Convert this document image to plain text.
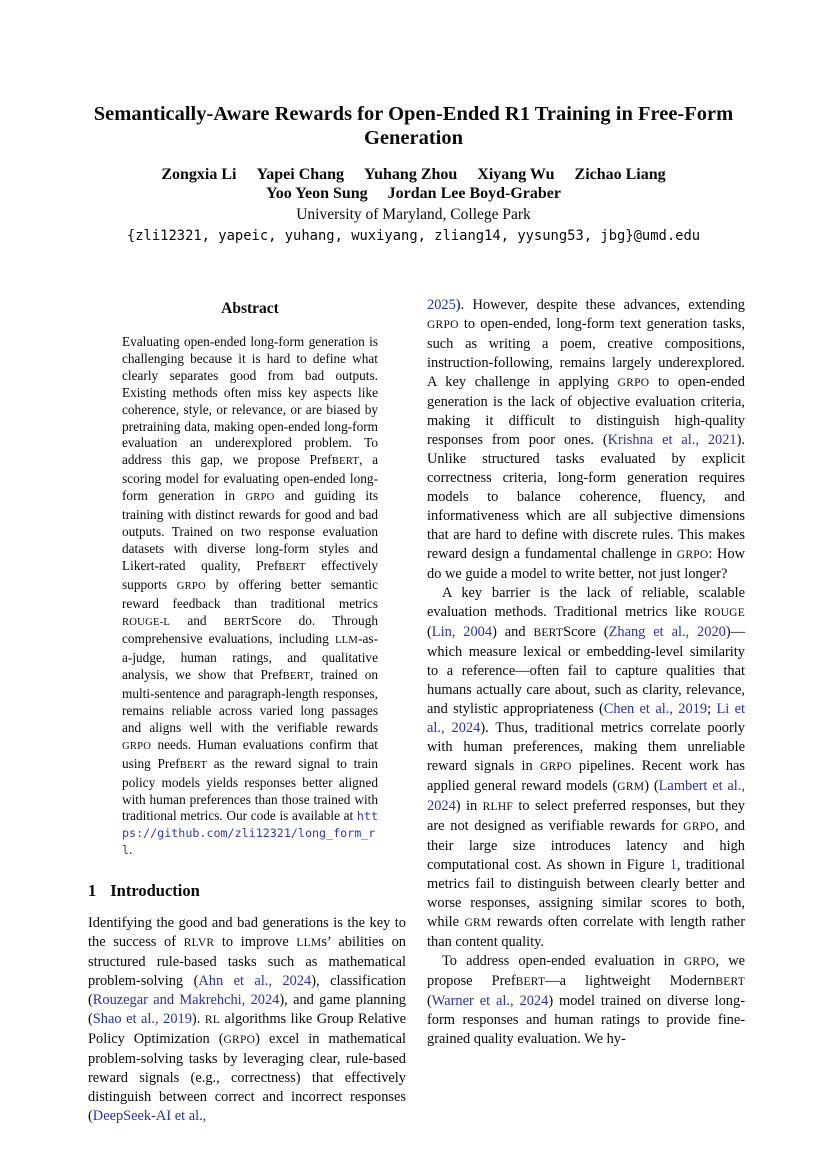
Semantically-Aware Rewards for Open-Ended R1 Training in Free-Form Generation
Zongxia Li Yapei Chang Yuhang Zhou Xiyang Wu Zichao Liang
Yoo Yeon Sung Jordan Lee Boyd-Graber
University of Maryland, College Park
{zli12321, yapeic, yuhang, wuxiyang, zliang14, yysung53, jbg}@umd.edu
Abstract

Evaluating open-ended long-form generation is challenging because it is hard to define what clearly separates good from bad outputs. Existing methods often miss key aspects like coherence, style, or relevance, or are biased by pretraining data, making open-ended long-form evaluation an underexplored problem. To address this gap, we propose PrefBERT, a scoring model for evaluating open-ended long-form generation in GRPO and guiding its training with distinct rewards for good and bad outputs. Trained on two response evaluation datasets with diverse long-form styles and Likert-rated quality, PrefBERT effectively supports GRPO by offering better semantic reward feedback than traditional metrics ROUGE-L and BERTScore do. Through comprehensive evaluations, including LLM-as-a-judge, human ratings, and qualitative analysis, we show that PrefBERT, trained on multi-sentence and paragraph-length responses, remains reliable across varied long passages and aligns well with the verifiable rewards GRPO needs. Human evaluations confirm that using PrefBERT as the reward signal to train policy models yields responses better aligned with human preferences than those trained with traditional metrics. Our code is available at https://github.com/zli12321/long_form_rl.

1 Introduction

Identifying the good and bad generations is the key to the success of RLVR to improve LLMs’ abilities on structured rule-based tasks such as mathematical problem-solving (Ahn et al., 2024), classification (Rouzegar and Makrehchi, 2024), and game planning (Shao et al., 2019). RL algorithms like Group Relative Policy Optimization (GRPO) excel in mathematical problem-solving tasks by leveraging clear, rule-based reward signals (e.g., correctness) that effectively distinguish between correct and incorrect responses (DeepSeek-AI et al.,

2025). However, despite these advances, extending GRPO to open-ended, long-form text generation tasks, such as writing a poem, creative compositions, instruction-following, remains largely underexplored. A key challenge in applying GRPO to open-ended generation is the lack of objective evaluation criteria, making it difficult to distinguish high-quality responses from poor ones. (Krishna et al., 2021). Unlike structured tasks evaluated by explicit correctness criteria, long-form generation requires models to balance coherence, fluency, and informativeness which are all subjective dimensions that are hard to define with discrete rules. This makes reward design a fundamental challenge in GRPO: How do we guide a model to write better, not just longer?

A key barrier is the lack of reliable, scalable evaluation methods. Traditional metrics like ROUGE (Lin, 2004) and BERTScore (Zhang et al., 2020)—which measure lexical or embedding-level similarity to a reference—often fail to capture qualities that humans actually care about, such as clarity, relevance, and stylistic appropriateness (Chen et al., 2019; Li et al., 2024). Thus, traditional metrics correlate poorly with human preferences, making them unreliable reward signals in GRPO pipelines. Recent work has applied general reward models (GRM) (Lambert et al., 2024) in RLHF to select preferred responses, but they are not designed as verifiable rewards for GRPO, and their large size introduces latency and high computational cost. As shown in Figure 1, traditional metrics fail to distinguish between clearly better and worse responses, assigning similar scores to both, while GRM rewards often correlate with length rather than content quality.

To address open-ended evaluation in GRPO, we propose PrefBERT—a lightweight ModernBERT (Warner et al., 2024) model trained on diverse long-form responses and human ratings to provide fine-grained quality evaluation. We hy-
